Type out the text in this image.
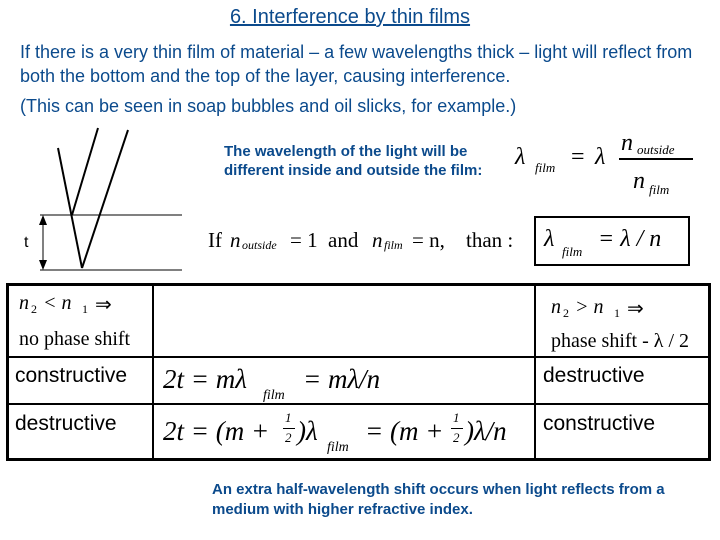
6. Interference by thin films
If there is a very thin film of material – a few wavelengths thick – light will reflect from both the bottom and the top of the layer, causing interference.
(This can be seen in soap bubbles and oil slicks, for example.)
t
The wavelength of the light will be different inside and outside the film:
λ film = λ
n outside
n film
If n outside = 1 and n film = n, than : λ film = λ / n
n 2 < n 1 ⇒
no phase shift
n 2 > n 1 ⇒
phase shift - λ / 2
constructive	destructive
destructive	constructive
2t = mλ
film
= mλ/n
2t = (m + 1
2 )λ
film
= (m + 1
2 )λ/n
An extra half-wavelength shift occurs when light reflects from a medium with higher refractive index.
